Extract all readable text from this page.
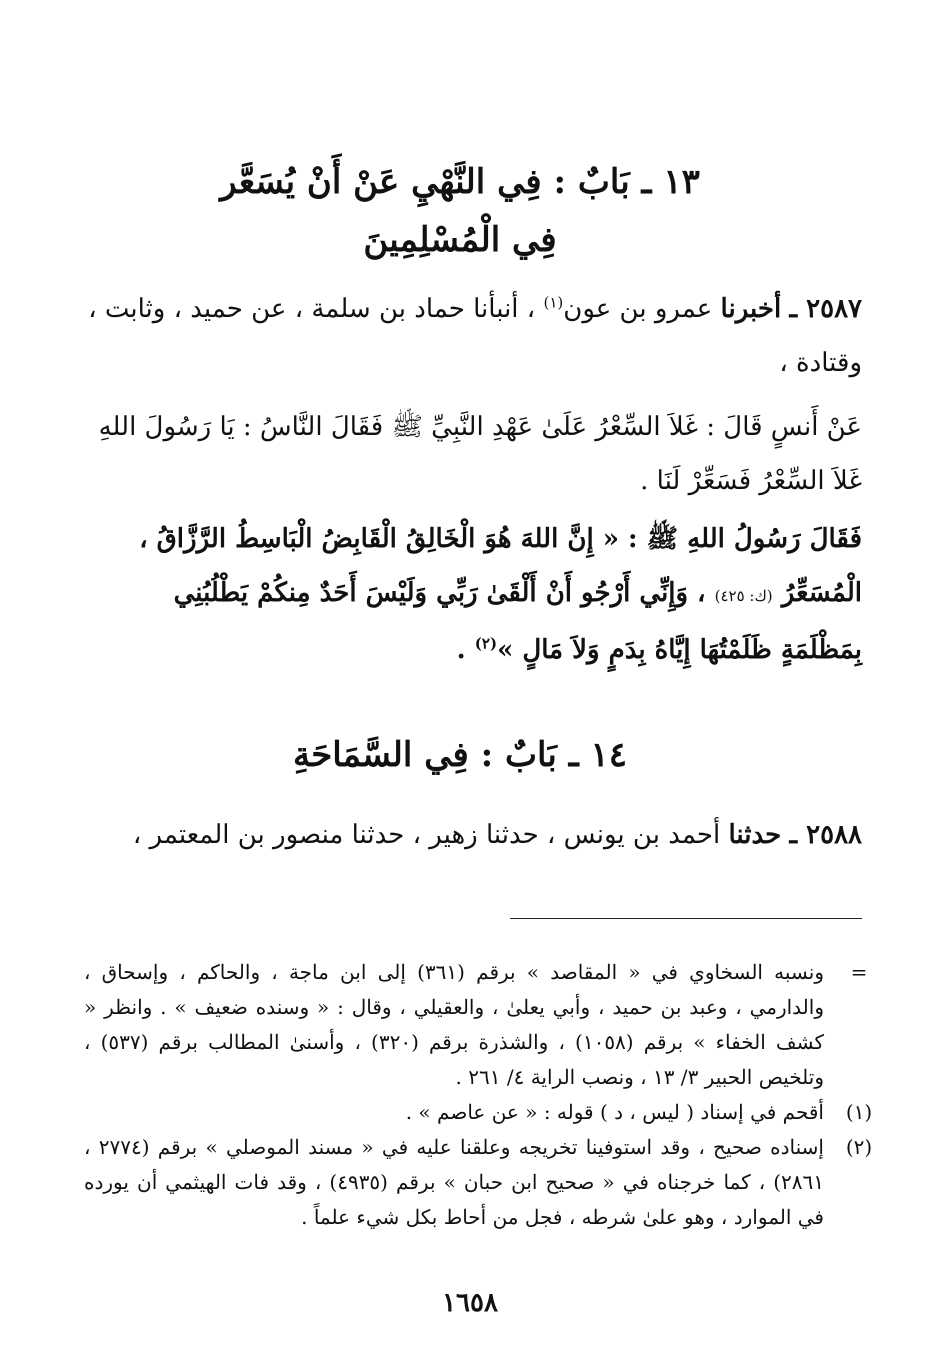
١٣ ـ بَابٌ : فِي النَّهْيِ عَنْ أَنْ يُسَعَّر
فِي الْمُسْلِمِينَ
٢٥٨٧ ـ أخبرنا عمرو بن عون$^{(١)}$ ، أنبأنا حماد بن سلمة ، عن حميد ، وثابت ، وقتادة ،
عَنْ أَنسٍ قَالَ : غَلاَ السِّعْرُ عَلَىٰ عَهْدِ النَّبِيِّ ﷺ فَقَالَ النَّاسُ : يَا رَسُولَ اللهِ غَلاَ السِّعْرُ فَسَعِّرْ لَنَا .
فَقَالَ رَسُولُ اللهِ ﷺ : « إِنَّ اللهَ هُوَ الْخَالِقُ الْقَابِضُ الْبَاسِطُ الرَّزَّاقُ ، الْمُسَعِّرُ (ك: ٤٢٥) ، وَإِنِّي أَرْجُو أَنْ أَلْقَىٰ رَبِّي وَلَيْسَ أَحَدٌ مِنكُمْ يَطْلُبُنِي بِمَظْلَمَةٍ ظَلَمْتُهَا إِيَّاهُ بِدَمٍ وَلاَ مَالٍ »$^{(٢)}$ .
١٤ ـ بَابٌ : فِي السَّمَاحَةِ
٢٥٨٨ ـ حدثنا أحمد بن يونس ، حدثنا زهير ، حدثنا منصور بن المعتمر ،
=
ونسبه السخاوي في « المقاصد » برقم (٣٦١) إلى ابن ماجة ، والحاكم ، وإسحاق ، والدارمي ، وعبد بن حميد ، وأبي يعلىٰ ، والعقيلي ، وقال : « وسنده ضعيف » . وانظر « كشف الخفاء » برقم (١٠٥٨) ، والشذرة برقم (٣٢٠) ، وأسنىٰ المطالب برقم (٥٣٧) ، وتلخيص الحبير ٣/ ١٣ ، ونصب الراية ٤/ ٢٦١ .
(١)
أقحم في إسناد ( ليس ، د ) قوله : « عن عاصم » .
(٢)
إسناده صحيح ، وقد استوفينا تخريجه وعلقنا عليه في « مسند الموصلي » برقم (٢٧٧٤ ، ٢٨٦١) ، كما خرجناه في « صحيح ابن حبان » برقم (٤٩٣٥) ، وقد فات الهيثمي أن يورده في الموارد ، وهو علىٰ شرطه ، فجل من أحاط بكل شيء علماً .
١٦٥٨
